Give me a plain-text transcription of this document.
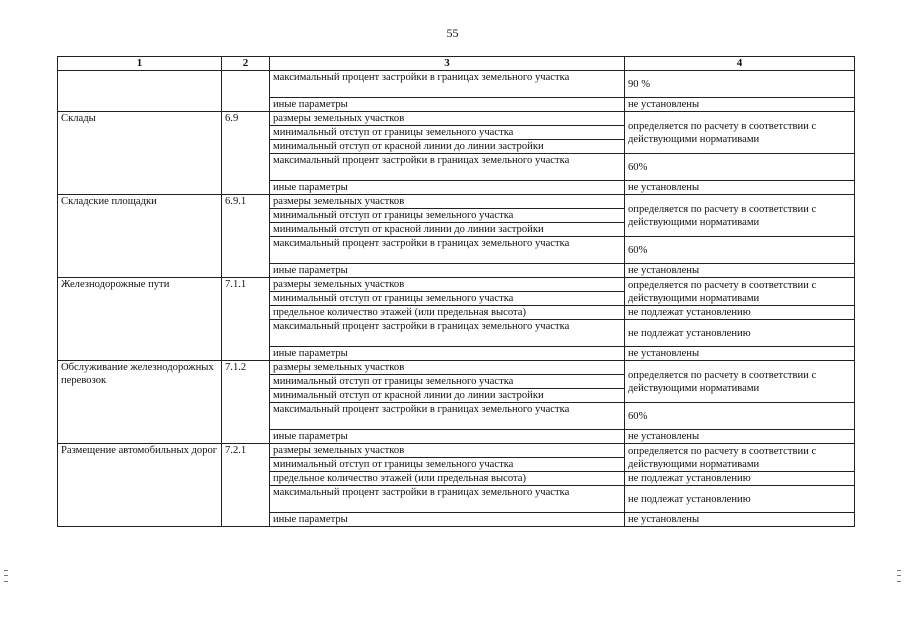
55
1	2	3	4
		максимальный процент застройки в границах земельного участка	90 %
		иные параметры	не установлены
Склады	6.9	размеры земельных участков	определяется по расчету в соответствии с действующими нормативами
		минимальный отступ от границы земельного участка	
		минимальный отступ от красной линии до линии застройки	
		максимальный процент застройки в границах земельного участка	60%
		иные параметры	не установлены
Складские площадки	6.9.1	размеры земельных участков	определяется по расчету в соответствии с действующими нормативами
		минимальный отступ от границы земельного участка	
		минимальный отступ от красной линии до линии застройки	
		максимальный процент застройки в границах земельного участка	60%
		иные параметры	не установлены
Железнодорожные пути	7.1.1	размеры земельных участков	определяется по расчету в соответствии с действующими нормативами
		минимальный отступ от границы земельного участка	
		предельное количество этажей (или предельная высота)	не подлежат установлению
		максимальный процент застройки в границах земельного участка	не подлежат установлению
		иные параметры	не установлены
Обслуживание железнодорожных перевозок	7.1.2	размеры земельных участков	определяется по расчету в соответствии с действующими нормативами
		минимальный отступ от границы земельного участка	
		минимальный отступ от красной линии до линии застройки	
		максимальный процент застройки в границах земельного участка	60%
		иные параметры	не установлены
Размещение автомобильных дорог	7.2.1	размеры земельных участков	определяется по расчету в соответствии с действующими нормативами
		минимальный отступ от границы земельного участка	
		предельное количество этажей (или предельная высота)	не подлежат установлению
		максимальный процент застройки в границах земельного участка	не подлежат установлению
		иные параметры	не установлены
